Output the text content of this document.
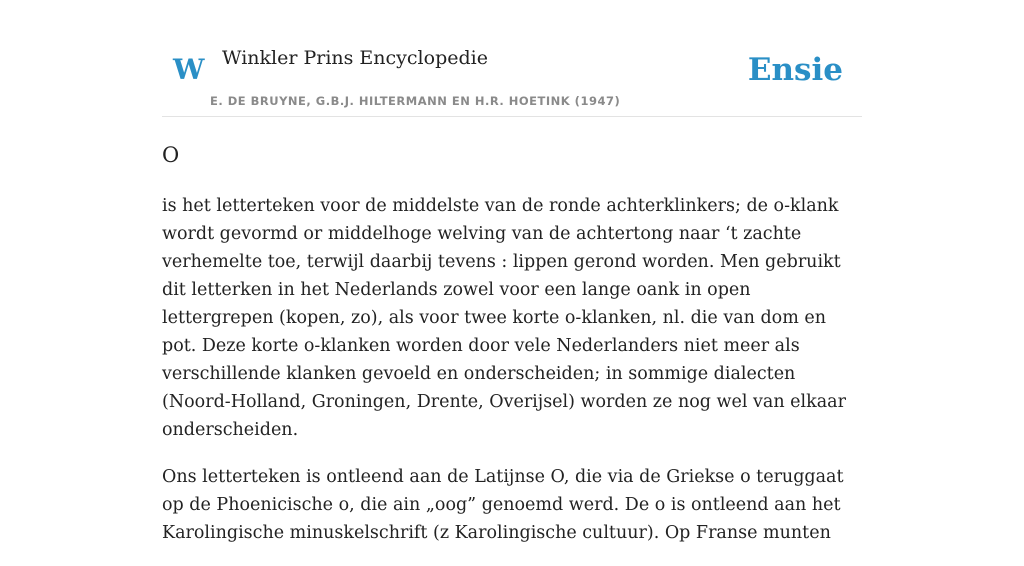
W Winkler Prins Encyclopedie
E. DE BRUYNE, G.B.J. HILTERMANN EN H.R. HOETINK (1947)
Ensie
O

is het letterteken voor de middelste van de ronde achterklinkers; de o-klank wordt gevormd or middelhoge welving van de achtertong naar ‘t zachte verhemelte toe, terwijl daarbij tevens : lippen gerond worden. Men gebruikt dit letterken in het Nederlands zowel voor een lange oank in open lettergrepen (kopen, zo), als voor twee korte o-klanken, nl. die van dom en pot. Deze korte o-klanken worden door vele Nederlanders niet meer als verschillende klanken gevoeld en onderscheiden; in sommige dialecten (Noord-Holland, Groningen, Drente, Overijsel) worden ze nog wel van elkaar onderscheiden.

Ons letterteken is ontleend aan de Latijnse O, die via de Griekse o teruggaat op de Phoenicische o, die ain „oog” genoemd werd. De o is ontleend aan het Karolingische minuskelschrift (z Karolingische cultuur). Op Franse munten
